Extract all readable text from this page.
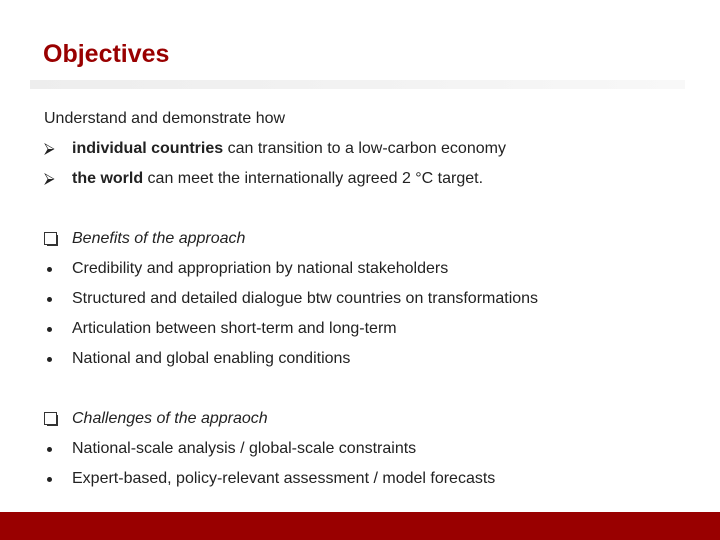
Objectives
Understand and demonstrate how
⮚	individual countries can transition to a low-carbon economy
⮚	the world can meet the internationally agreed 2 °C target.
Benefits of the approach
Credibility and appropriation by national stakeholders
Structured and detailed dialogue btw countries on transformations
Articulation between short-term and long-term
National and global enabling conditions
Challenges of the appraoch
National-scale analysis / global-scale constraints
Expert-based, policy-relevant assessment / model forecasts
